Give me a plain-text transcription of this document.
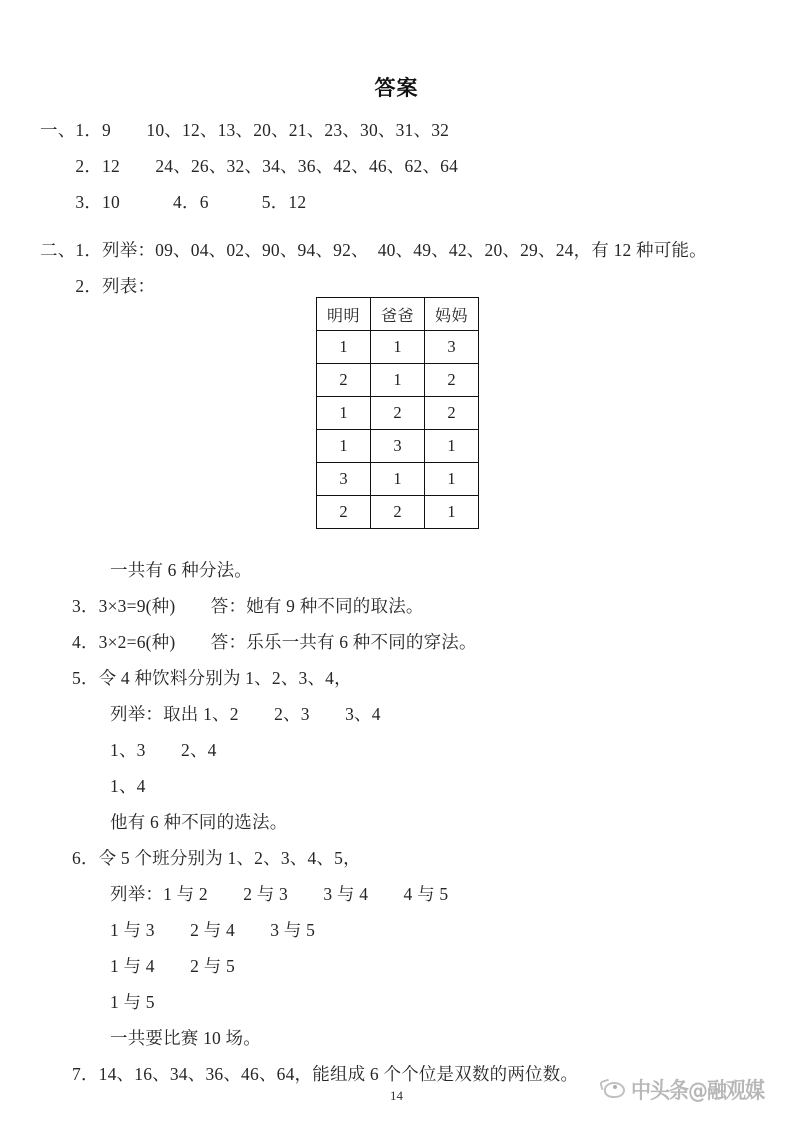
答案
一、1．9　　10、12、13、20、21、23、30、31、32
　　2．12　　24、26、32、34、36、42、46、62、64
　　3．10　　　4．6　　　5．12
二、1．列举：09、04、02、90、94、92、　40、49、42、20、29、24，有 12 种可能。
　　2．列表：
一共有 6 种分法。
3．3×3=9(种)　　答：她有 9 种不同的取法。
4．3×2=6(种)　　答：乐乐一共有 6 种不同的穿法。
5．令 4 种饮料分别为 1、2、3、4，
列举：取出 1、2　　2、3　　3、4
1、3　　2、4
1、4
他有 6 种不同的选法。
6．令 5 个班分别为 1、2、3、4、5，
列举：1 与 2　　2 与 3　　3 与 4　　4 与 5
1 与 3　　2 与 4　　3 与 5
1 与 4　　2 与 5
1 与 5
一共要比赛 10 场。
7．14、16、34、36、46、64，能组成 6 个个位是双数的两位数。
明明	爸爸	妈妈
1	1	3
2	1	2
1	2	2
1	3	1
3	1	1
2	2	1
14	中头条@融观媒
